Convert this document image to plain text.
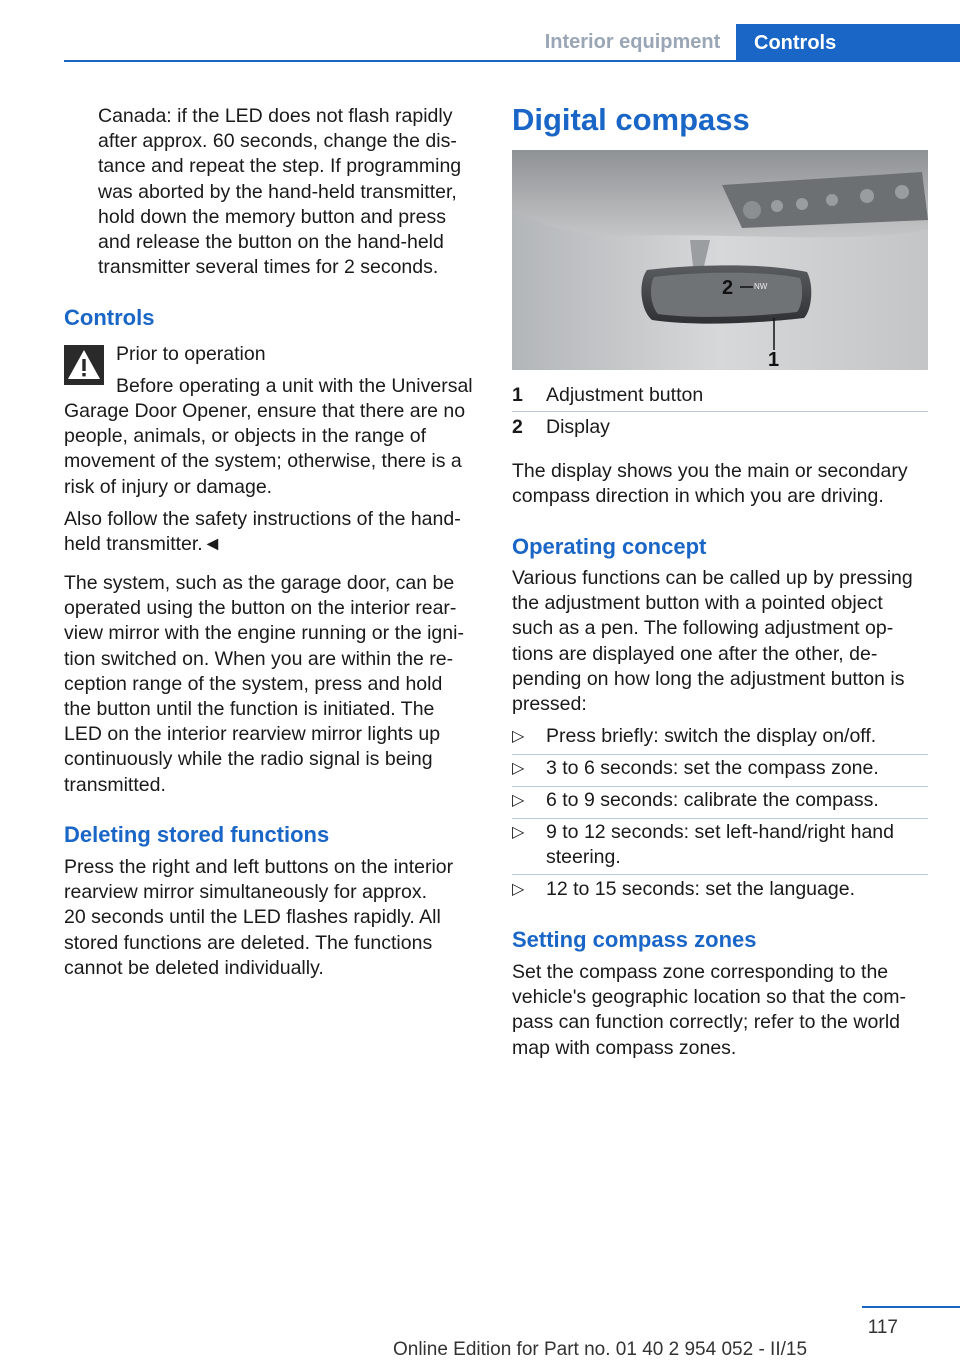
Interior equipment	Controls

Canada: if the LED does not flash rapidly

after approx. 60 seconds, change the dis‐

tance and repeat the step. If programming

was aborted by the hand-held transmitter,

hold down the memory button and press

and release the button on the hand-held

transmitter several times for 2 seconds.

Controls

Prior to operation

Before operating a unit with the Universal

Garage Door Opener, ensure that there are no

people, animals, or objects in the range of

movement of the system; otherwise, there is a

risk of injury or damage.

Also follow the safety instructions of the hand‐

held transmitter.◄

The system, such as the garage door, can be

operated using the button on the interior rear‐

view mirror with the engine running or the igni‐

tion switched on. When you are within the re‐

ception range of the system, press and hold

the button until the function is initiated. The

LED on the interior rearview mirror lights up

continuously while the radio signal is being

transmitted.

Deleting stored functions

Press the right and left buttons on the interior

rearview mirror simultaneously for approx.

20 seconds until the LED flashes rapidly. All

stored functions are deleted. The functions

cannot be deleted individually.

Digital compass
2	NW
1
1 Adjustment button
2 Display

The display shows you the main or secondary

compass direction in which you are driving.

Operating concept

Various functions can be called up by pressing

the adjustment button with a pointed object

such as a pen. The following adjustment op‐

tions are displayed one after the other, de‐

pending on how long the adjustment button is

pressed:

▷ Press briefly: switch the display on/off.
▷ 3 to 6 seconds: set the compass zone.
▷ 6 to 9 seconds: calibrate the compass.
▷ 9 to 12 seconds: set left-hand/right hand
steering.
▷ 12 to 15 seconds: set the language.
Setting compass zones

Set the compass zone corresponding to the

vehicle's geographic location so that the com‐

pass can function correctly; refer to the world

map with compass zones.

117
Online Edition for Part no. 01 40 2 954 052 - II/15
